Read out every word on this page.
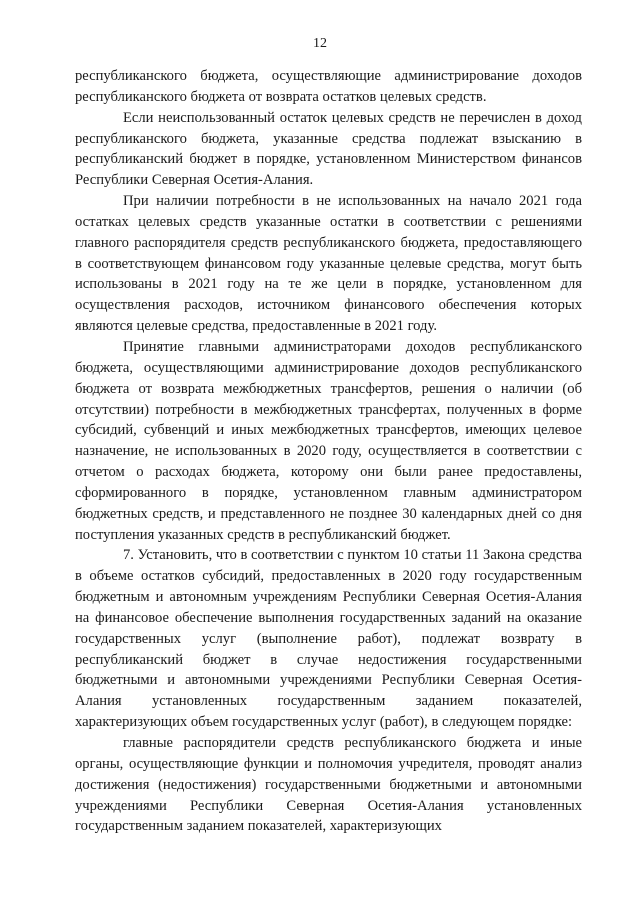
12

республиканского бюджета, осуществляющие администрирование доходов республиканского бюджета от возврата остатков целевых средств.

Если неиспользованный остаток целевых средств не перечислен в доход республиканского бюджета, указанные средства подлежат взысканию в республиканский бюджет в порядке, установленном Министерством финансов Республики Северная Осетия-Алания.

При наличии потребности в не использованных на начало 2021 года остатках целевых средств указанные остатки в соответствии с решениями главного распорядителя средств республиканского бюджета, предоставляющего в соответствующем финансовом году указанные целевые средства, могут быть использованы в 2021 году на те же цели в порядке, установленном для осуществления расходов, источником финансового обеспечения которых являются целевые средства, предоставленные в 2021 году.

Принятие главными администраторами доходов республиканского бюджета, осуществляющими администрирование доходов республиканского бюджета от возврата межбюджетных трансфертов, решения о наличии (об отсутствии) потребности в межбюджетных трансфертах, полученных в форме субсидий, субвенций и иных межбюджетных трансфертов, имеющих целевое назначение, не использованных в 2020 году, осуществляется в соответствии с отчетом о расходах бюджета, которому они были ранее предоставлены, сформированного в порядке, установленном главным администратором бюджетных средств, и представленного не позднее 30 календарных дней со дня поступления указанных средств в республиканский бюджет.

7. Установить, что в соответствии с пунктом 10 статьи 11 Закона средства в объеме остатков субсидий, предоставленных в 2020 году государственным бюджетным и автономным учреждениям Республики Северная Осетия-Алания на финансовое обеспечение выполнения государственных заданий на оказание государственных услуг (выполнение работ), подлежат возврату в республиканский бюджет в случае недостижения государственными бюджетными и автономными учреждениями Республики Северная Осетия-Алания установленных государственным заданием показателей, характеризующих объем государственных услуг (работ), в следующем порядке:

главные распорядители средств республиканского бюджета и иные органы, осуществляющие функции и полномочия учредителя, проводят анализ достижения (недостижения) государственными бюджетными и автономными учреждениями Республики Северная Осетия-Алания установленных государственным заданием показателей, характеризующих
